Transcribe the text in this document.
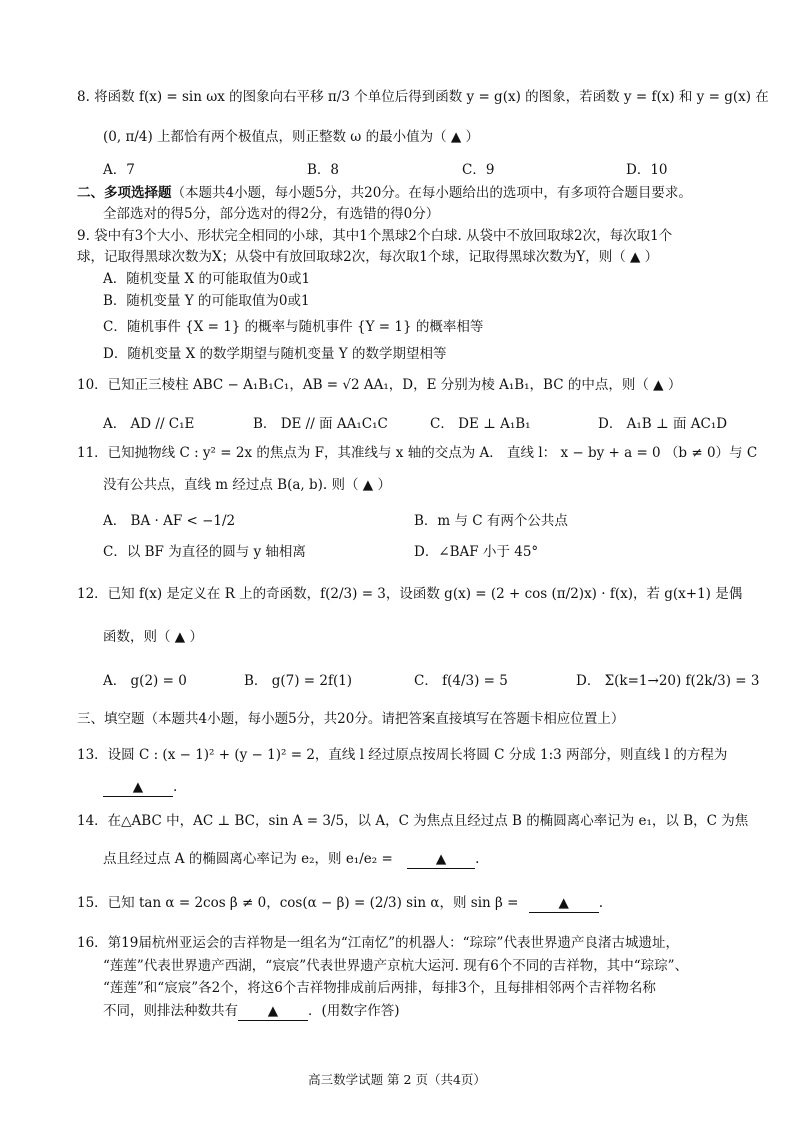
8. 将函数 f(x) = sin ωx 的图象向右平移 π/3 个单位后得到函数 y = g(x) 的图象，若函数 y = f(x) 和 y = g(x) 在
(0, π/4) 上都恰有两个极值点，则正整数 ω 的最小值为（ ▲ ）
A．7	B．8	C．9	D．10
二、多项选择题（本题共4小题，每小题5分，共20分。在每小题给出的选项中，有多项符合题目要求。
全部选对的得5分，部分选对的得2分，有选错的得0分）
9. 袋中有3个大小、形状完全相同的小球，其中1个黑球2个白球. 从袋中不放回取球2次，每次取1个
球，记取得黑球次数为X；从袋中有放回取球2次，每次取1个球，记取得黑球次数为Y，则（ ▲ ）
A．随机变量 X 的可能取值为0或1
B．随机变量 Y 的可能取值为0或1
C．随机事件 {X = 1} 的概率与随机事件 {Y = 1} 的概率相等
D．随机变量 X 的数学期望与随机变量 Y 的数学期望相等
10．已知正三棱柱 ABC − A₁B₁C₁，AB = √2 AA₁，D，E 分别为棱 A₁B₁，BC 的中点，则（ ▲ ）
A． AD // C₁E	B． DE // 面 AA₁C₁C	C． DE ⊥ A₁B₁	D． A₁B ⊥ 面 AC₁D
11．已知抛物线 C : y² = 2x 的焦点为 F，其准线与 x 轴的交点为 A． 直线 l： x − by + a = 0 （b ≠ 0）与 C
没有公共点，直线 m 经过点 B(a, b). 则（ ▲ ）
A． BA · AF < −1/2	B．m 与 C 有两个公共点
C．以 BF 为直径的圆与 y 轴相离	D．∠BAF 小于 45°
12．已知 f(x) 是定义在 R 上的奇函数，f(2/3) = 3，设函数 g(x) = (2 + cos (π/2)x) · f(x)，若 g(x+1) 是偶
函数，则（ ▲ ）
A． g(2) = 0	B． g(7) = 2f(1)	C． f(4/3) = 5	D． Σ(k=1→20) f(2k/3) = 3
三、填空题（本题共4小题，每小题5分，共20分。请把答案直接填写在答题卡相应位置上）
13．设圆 C : (x − 1)² + (y − 1)² = 2，直线 l 经过原点按周长将圆 C 分成 1:3 两部分，则直线 l 的方程为
▲ .
14．在△ABC 中，AC ⊥ BC，sin A = 3/5，以 A，C 为焦点且经过点 B 的椭圆离心率记为 e₁，以 B，C 为焦
点且经过点 A 的椭圆离心率记为 e₂，则 e₁/e₂ =	▲ .
15．已知 tan α = 2cos β ≠ 0，cos(α − β) = (2/3) sin α，则 sin β =	▲ .
16．第19届杭州亚运会的吉祥物是一组名为“江南忆”的机器人：“琮琮”代表世界遗产良渚古城遗址，
“莲莲”代表世界遗产西湖，“宸宸”代表世界遗产京杭大运河. 现有6个不同的吉祥物，其中“琮琮”、
“莲莲”和“宸宸”各2个，将这6个吉祥物排成前后两排，每排3个，且每排相邻两个吉祥物名称
不同，则排法种数共有 ▲ ．(用数字作答)
高三数学试题 第 2 页（共4页）
